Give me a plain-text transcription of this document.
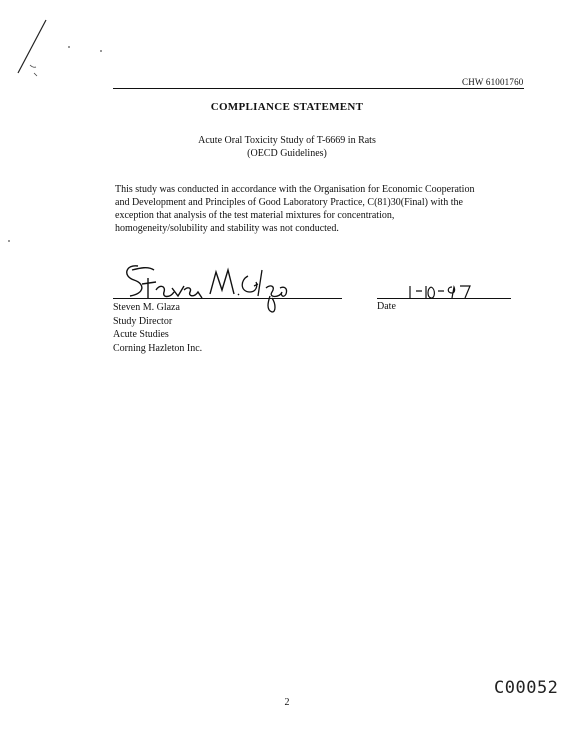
CHW 61001760
COMPLIANCE STATEMENT
Acute Oral Toxicity Study of T-6669 in Rats
(OECD Guidelines)
This study was conducted in accordance with the Organisation for Economic Cooperation
and Development and Principles of Good Laboratory Practice, C(81)30(Final) with the
exception that analysis of the test material mixtures for concentration,
homogeneity/solubility and stability was not conducted.
Steven M. Glaza
Study Director
Acute Studies
Corning Hazleton Inc.
Date
C00052
2
